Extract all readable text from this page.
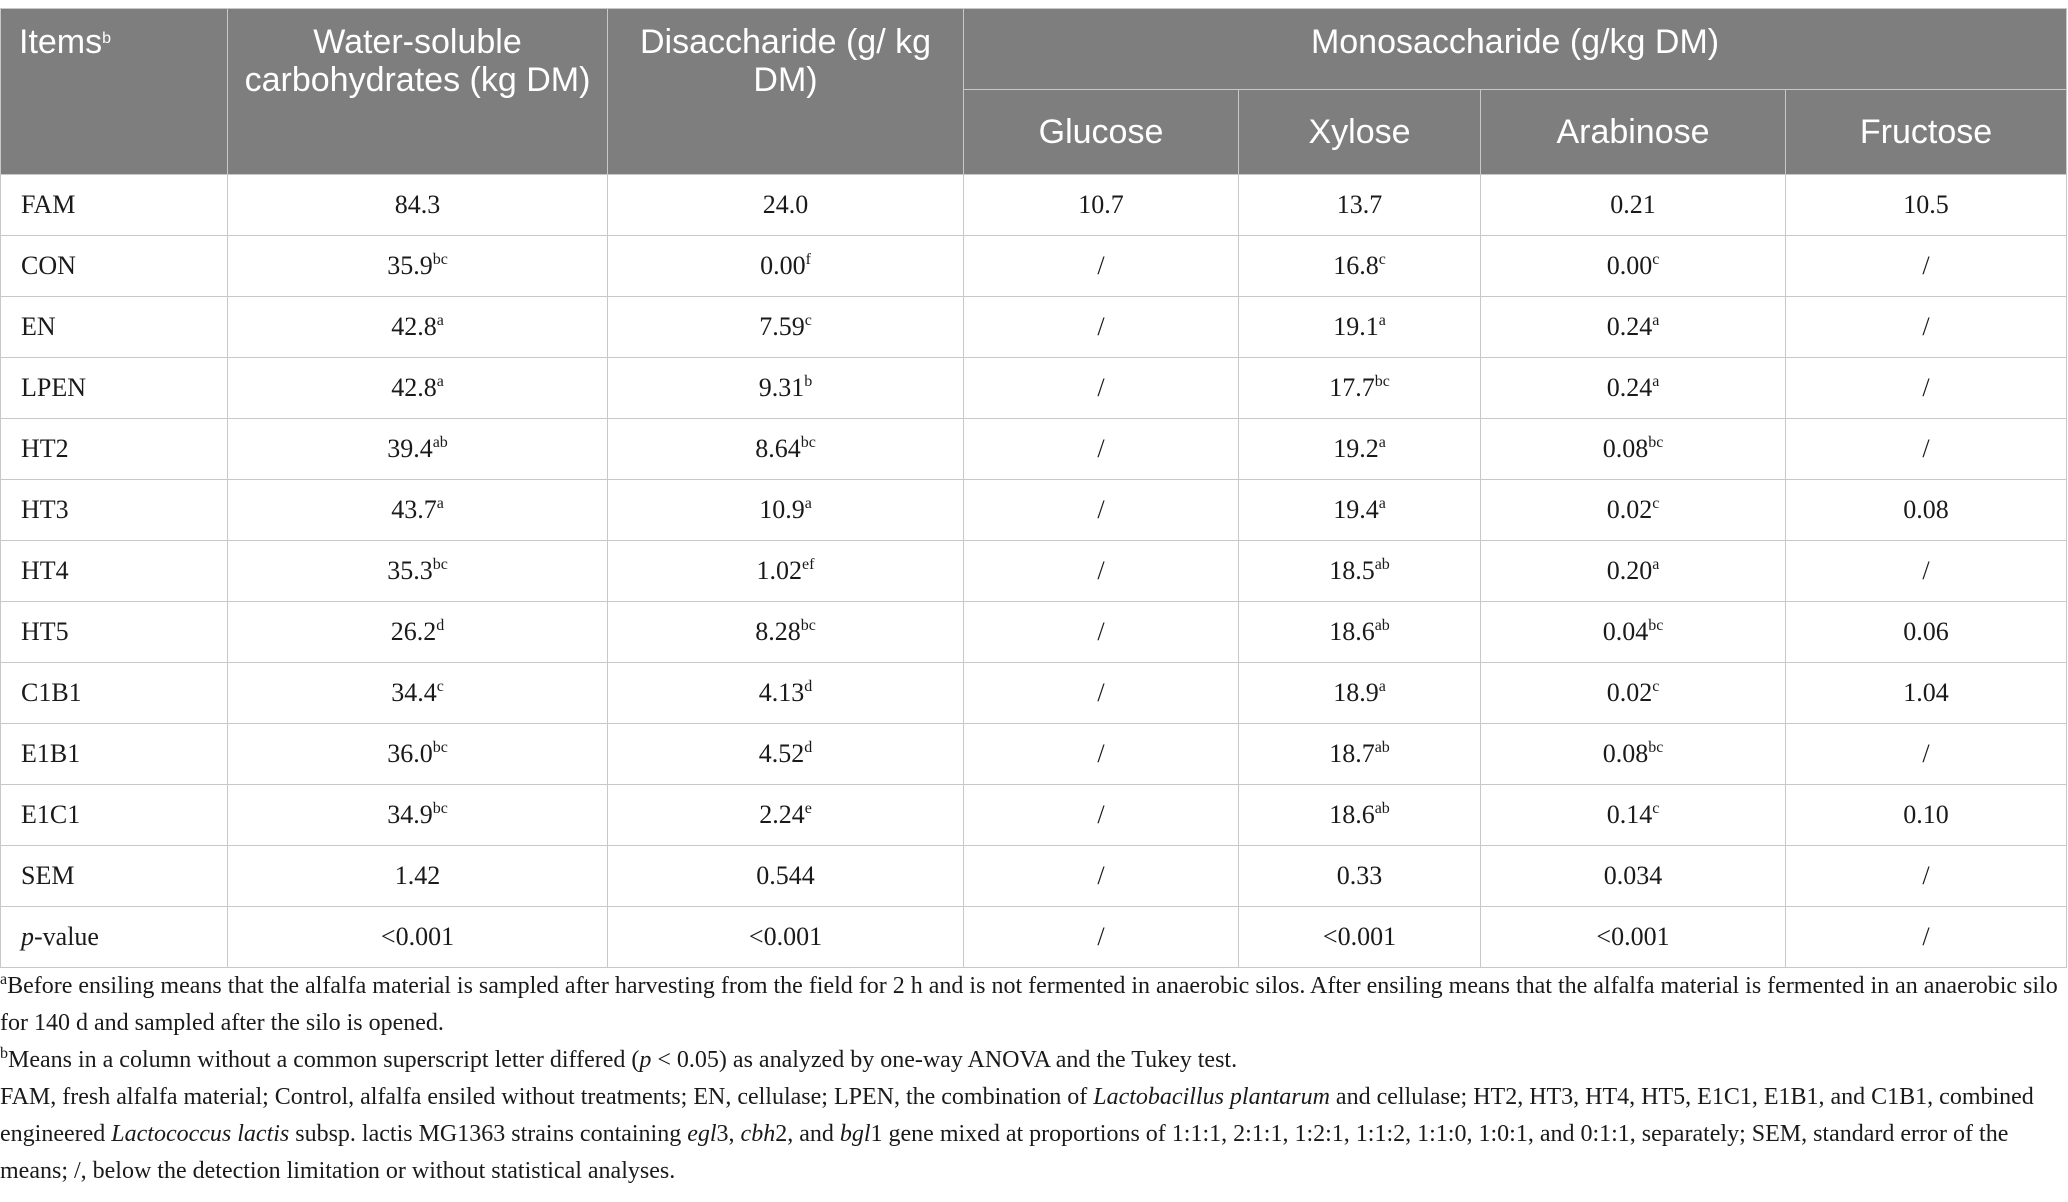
Items$^b$	Water-soluble carbohydrates (kg DM)	Disaccharide (g/ kg DM)	Monosaccharide (g/kg DM)			
			Glucose	Xylose	Arabinose	Fructose
FAM	84.3	24.0	10.7	13.7	0.21	10.5
CON	35.9$^{bc}$	0.00$^f$	/	16.8$^c$	0.00$^c$	/
EN	42.8$^a$	7.59$^c$	/	19.1$^a$	0.24$^a$	/
LPEN	42.8$^a$	9.31$^b$	/	17.7$^{bc}$	0.24$^a$	/
HT2	39.4$^{ab}$	8.64$^{bc}$	/	19.2$^a$	0.08$^{bc}$	/
HT3	43.7$^a$	10.9$^a$	/	19.4$^a$	0.02$^c$	0.08
HT4	35.3$^{bc}$	1.02$^{ef}$	/	18.5$^{ab}$	0.20$^a$	/
HT5	26.2$^d$	8.28$^{bc}$	/	18.6$^{ab}$	0.04$^{bc}$	0.06
C1B1	34.4$^c$	4.13$^d$	/	18.9$^a$	0.02$^c$	1.04
E1B1	36.0$^{bc}$	4.52$^d$	/	18.7$^{ab}$	0.08$^{bc}$	/
E1C1	34.9$^{bc}$	2.24e	/	18.6$^{ab}$	0.14$^c$	0.10
SEM	1.42	0.544	/	0.33	0.034	/
p-value	<0.001	<0.001	/	<0.001	<0.001	/

$^a$Before ensiling means that the alfalfa material is sampled after harvesting from the field for 2 h and is not fermented in anaerobic silos. After ensiling means that the alfalfa material is fermented in an anaerobic silo for 140 d and sampled after the silo is opened.

$^b$Means in a column without a common superscript letter differed (p < 0.05) as analyzed by one-way ANOVA and the Tukey test.

FAM, fresh alfalfa material; Control, alfalfa ensiled without treatments; EN, cellulase; LPEN, the combination of Lactobacillus plantarum and cellulase; HT2, HT3, HT4, HT5, E1C1, E1B1, and C1B1, combined engineered Lactococcus lactis subsp. lactis MG1363 strains containing egl3, cbh2, and bgl1 gene mixed at proportions of 1:1:1, 2:1:1, 1:2:1, 1:1:2, 1:1:0, 1:0:1, and 0:1:1, separately; SEM, standard error of the means; /, below the detection limitation or without statistical analyses.
